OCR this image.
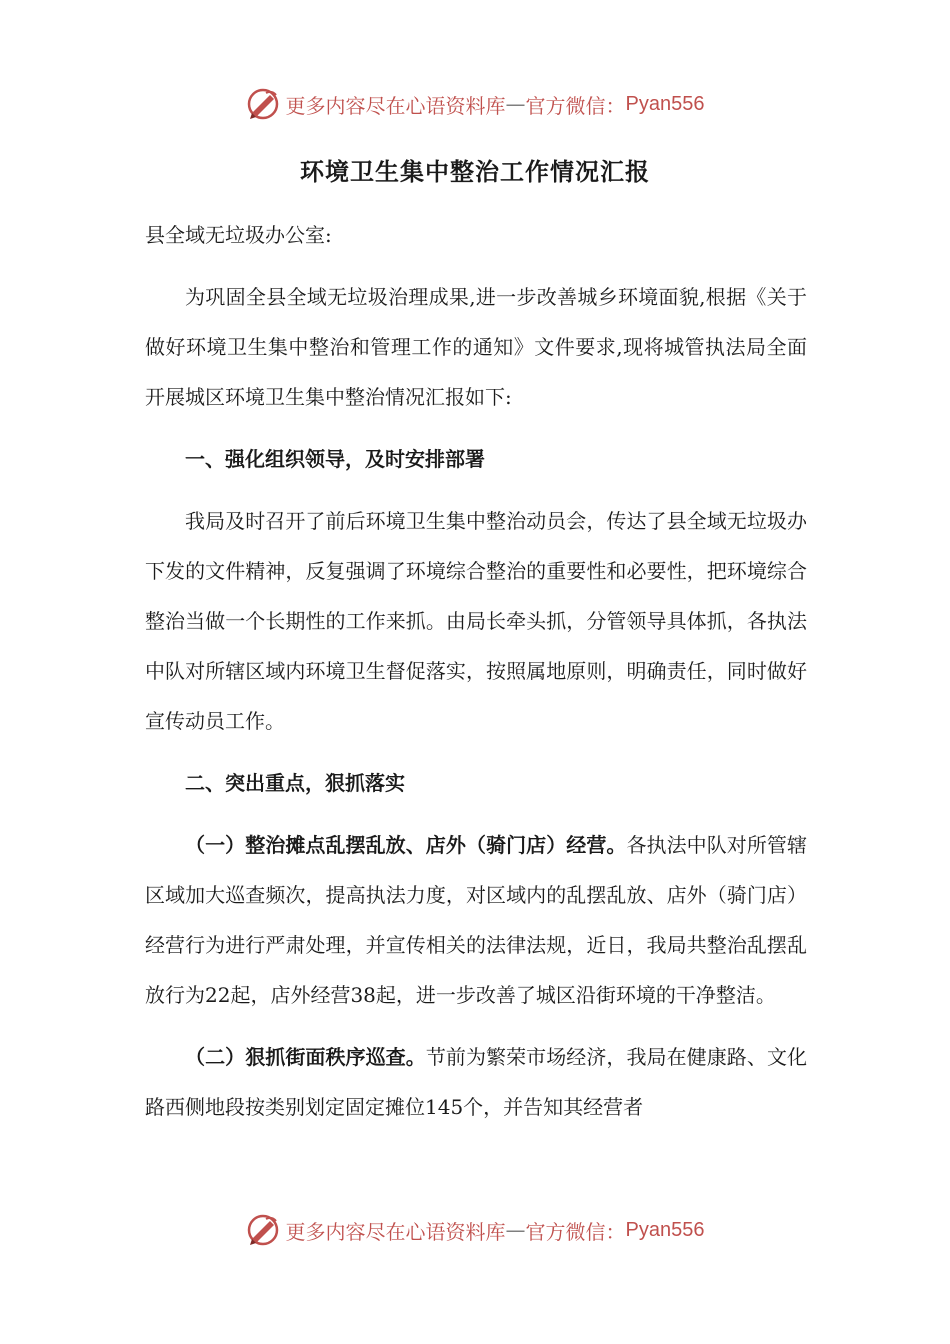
更多内容尽在心语资料库 — 官方微信： Pyan556
环境卫生集中整治工作情况汇报

县全域无垃圾办公室:

为巩固全县全域无垃圾治理成果,进一步改善城乡环境面貌,根据《关于做好环境卫生集中整治和管理工作的通知》文件要求,现将城管执法局全面开展城区环境卫生集中整治情况汇报如下:

一、强化组织领导，及时安排部署

我局及时召开了前后环境卫生集中整治动员会，传达了县全域无垃圾办下发的文件精神，反复强调了环境综合整治的重要性和必要性，把环境综合整治当做一个长期性的工作来抓。由局长牵头抓，分管领导具体抓，各执法中队对所辖区域内环境卫生督促落实，按照属地原则，明确责任，同时做好宣传动员工作。

二、突出重点，狠抓落实

（一）整治摊点乱摆乱放、店外（骑门店）经营。各执法中队对所管辖区域加大巡查频次，提高执法力度，对区域内的乱摆乱放、店外（骑门店）经营行为进行严肃处理，并宣传相关的法律法规，近日，我局共整治乱摆乱放行为22起，店外经营38起，进一步改善了城区沿街环境的干净整洁。

（二）狠抓街面秩序巡查。节前为繁荣市场经济，我局在健康路、文化路西侧地段按类别划定固定摊位145个，并告知其经营者

更多内容尽在心语资料库 — 官方微信： Pyan556
